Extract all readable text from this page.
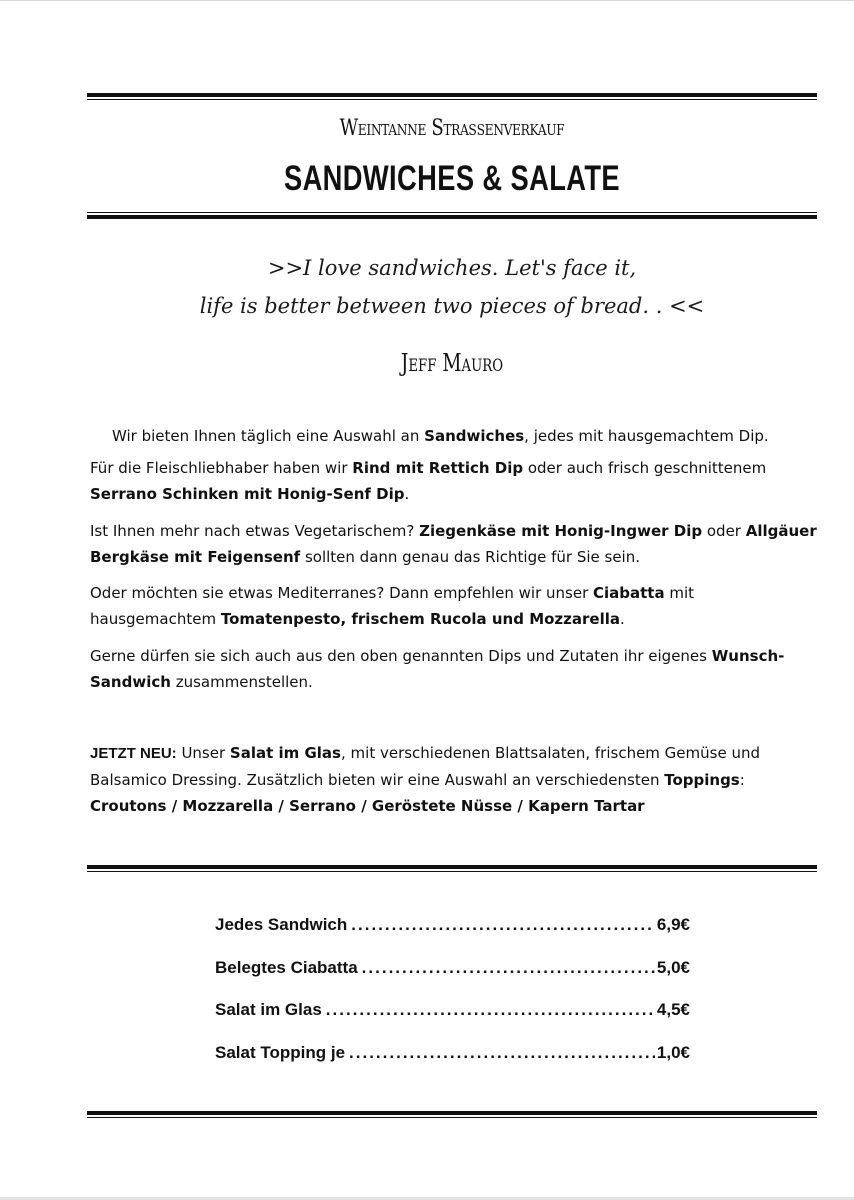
Weintanne Straßenverkauf
SANDWICHES & SALATE
>>I love sandwiches. Let's face it,
life is better between two pieces of bread. . <<
Jeff Mauro

Wir bieten Ihnen täglich eine Auswahl an Sandwiches, jedes mit hausgemachtem Dip.

Für die Fleischliebhaber haben wir Rind mit Rettich Dip oder auch frisch geschnittenem Serrano Schinken mit Honig-Senf Dip.

Ist Ihnen mehr nach etwas Vegetarischem? Ziegenkäse mit Honig-Ingwer Dip oder Allgäuer Bergkäse mit Feigensenf sollten dann genau das Richtige für Sie sein.

Oder möchten sie etwas Mediterranes? Dann empfehlen wir unser Ciabatta mit hausgemachtem Tomatenpesto, frischem Rucola und Mozzarella.

Gerne dürfen sie sich auch aus den oben genannten Dips und Zutaten ihr eigenes Wunsch-Sandwich zusammenstellen.

JETZT NEU: Unser Salat im Glas, mit verschiedenen Blattsalaten, frischem Gemüse und Balsamico Dressing. Zusätzlich bieten wir eine Auswahl an verschiedensten Toppings: Croutons / Mozzarella / Serrano / Geröstete Nüsse / Kapern Tartar

Jedes Sandwich .....	6,9€
Belegtes Ciabatta .....	5,0€
Salat im Glas .....	4,5€
Salat Topping je .....	1,0€
